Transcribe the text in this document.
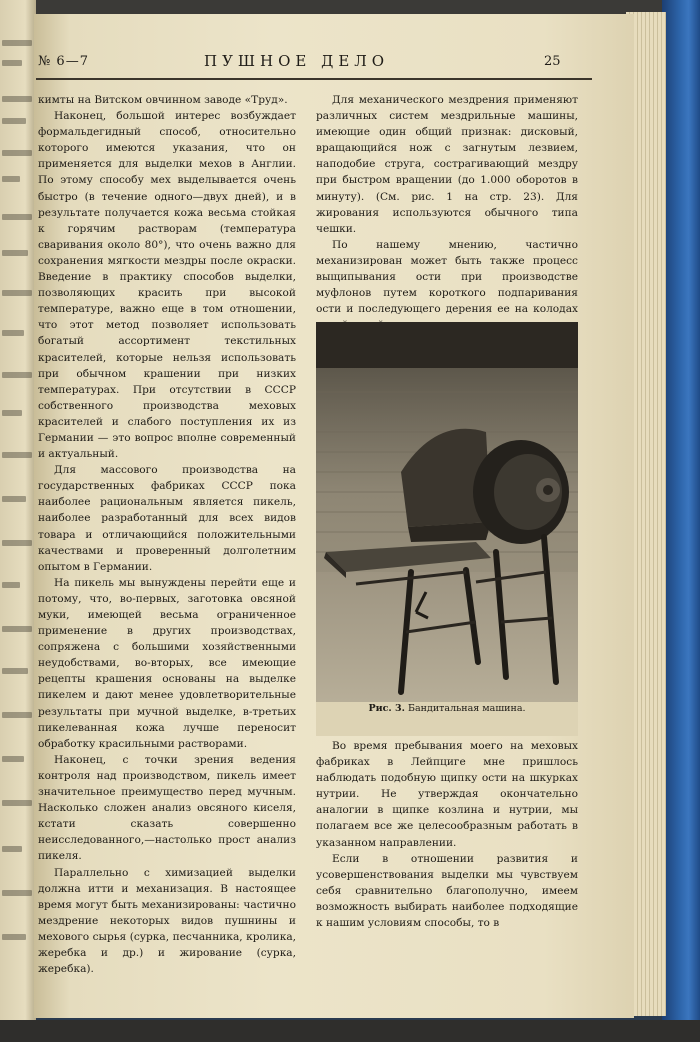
№ 6—7	ПУШНОЕ ДЕЛО	25

кимты на Витском овчинном заводе «Труд».

Наконец, большой интерес возбуждает формальдегидный способ, относительно которого имеются указания, что он применяется для выделки мехов в Англии. По этому способу мех выделывается очень быстро (в течение одного—двух дней), и в результате получается кожа весьма стойкая к горячим растворам (температура сваривания около 80°), что очень важно для сохранения мягкости мездры после окраски. Введение в практику способов выделки, позволяющих красить при высокой температуре, важно еще в том отношении, что этот метод позволяет использовать богатый ассортимент текстильных красителей, которые нельзя использовать при обычном крашении при низких температурах. При отсутствии в СССР собственного производства меховых красителей и слабого поступления их из Германии — это вопрос вполне современный и актуальный.

Для массового производства на государственных фабриках СССР пока наиболее рациональным является пикель, наиболее разработанный для всех видов товара и отличающийся положительными качествами и проверенный долголетним опытом в Германии.

На пикель мы вынуждены перейти еще и потому, что, во-первых, заготовка овсяной муки, имеющей весьма ограниченное применение в других производствах, сопряжена с большими хозяйственными неудобствами, во-вторых, все имеющие рецепты крашения основаны на выделке пикелем и дают менее удовлетворительные результаты при мучной выделке, в-третьих пикелеванная кожа лучше переносит обработку красильными растворами.

Наконец, с точки зрения ведения контроля над производством, пикель имеет значительное преимущество перед мучным. Насколько сложен анализ овсяного киселя, кстати сказать совершенно неисследованного,—настолько прост анализ пикеля.

Параллельно с химизацией выделки должна итти и механизация. В настоящее время могут быть механизированы: частично мездрение некоторых видов пушнины и мехового сырья (сурка, песчанника, кролика, жеребка и др.) и жирование (сурка, жеребка).

Для механического мездрения применяют различных систем мездрильные машины, имеющие один общий признак: дисковый, вращающийся нож с загнутым лезвием, наподобие струга, сострагивающий мездру при быстром вращении (до 1.000 оборотов в минуту). (См. рис. 1 на стр. 23). Для жирования используются обычного типа чешки.

По нашему мнению, частично механизирован может быть также процесс выщипывания ости при производстве муфлонов путем короткого подпаривания ости и последующего дерения ее на колодах

Рис. 3. Бандитальная машина.

Во время пребывания моего на меховых фабриках в Лейпциге мне пришлось наблюдать подобную щипку ости на шкурках нутрии. Не утверждая окончательно аналогии в щипке козлина и нутрии, мы полагаем все же целесообразным работать в указанном направлении.

Если в отношении развития и усовершенствования выделки мы чувствуем себя сравнительно благополучно, имеем возможность выбирать наиболее подходящие к нашим условиям способы, то в
